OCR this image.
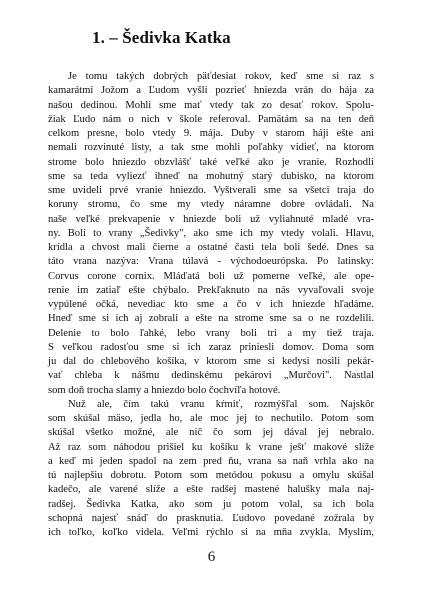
1. – Šedivka Katka
Je tomu takých dobrých päťdesiat rokov, keď sme si raz s
kamarátmi Jožom a Ľudom vyšli pozrieť hniezda vrán do hája za
našou dedinou. Mohli sme mať vtedy tak zo desať rokov. Spolu-
žiak Ľudo nám o nich v škole referoval. Pamätám sa na ten deň
celkom presne, bolo vtedy 9. mája. Duby v starom háji ešte ani
nemali rozvinuté listy, a tak sme mohli poľahky vidieť, na ktorom
strome bolo hniezdo obzvlášť také veľké ako je vranie. Rozhodli
sme sa teda vyliezť ihneď na mohutný starý dubisko, na ktorom
sme uvideli prvé vranie hniezdo. Vyštverali sme sa všetci traja do
koruny stromu, čo sme my vtedy náramne dobre ovládali. Na
naše veľké prekvapenie v hniezde boli už vyliahnuté mladé vra-
ny. Boli to vrany „Šedivky", ako sme ich my vtedy volali. Hlavu,
krídla a chvost mali čierne a ostatné časti tela boli šedé. Dnes sa
táto vrana nazýva: Vrana túlavá - východoeurópska. Po latinsky:
Corvus corone cornix. Mláďatá boli už pomerne veľké, ale ope-
renie im zatiaľ ešte chýbalo. Prekľaknuto na nás vyvaľovali svoje
vypúlené očká, nevediac kto sme a čo v ich hniezde hľadáme.
Hneď sme si ich aj zobrali a ešte na strome sme sa o ne rozdelili.
Delenie to bolo ľahké, lebo vrany boli tri a my tiež traja.
S veľkou radosťou sme si ich zaraz priniesli domov. Doma som
ju dal do chlebového košíka, v ktorom sme si kedysi nosili pekár-
vať chleba k nášmu dedinskému pekárovi „Murčovi". Nastlal
som doň trocha slamy a hniezdo bolo čochvíľa hotové.
Nuž ale, čím takú vranu kŕmiť, rozmýšľal som. Najskôr
som skúšal mäso, jedla ho, ale moc jej to nechutilo. Potom som
skúšal všetko možné, ale nič čo som jej dával jej nebralo.
Až raz som náhodou prišiel ku košíku k vrane ješť makové slíže
a keď mi jeden spadol na zem pred ňu, vrana sa naň vrhla ako na
tú najlepšiu dobrotu. Potom som metódou pokusu a omylu skúšal
kadečo, ale varené slíže a ešte radšej mastené halušky mala naj-
radšej. Šedivka Katka, ako som ju potom volal, sa ich bola
schopná najesť snáď do prasknutia. Ľudovo povedané zožrala by
ich toľko, koľko videla. Veľmi rýchlo si na mňa zvykla. Myslím,
6
